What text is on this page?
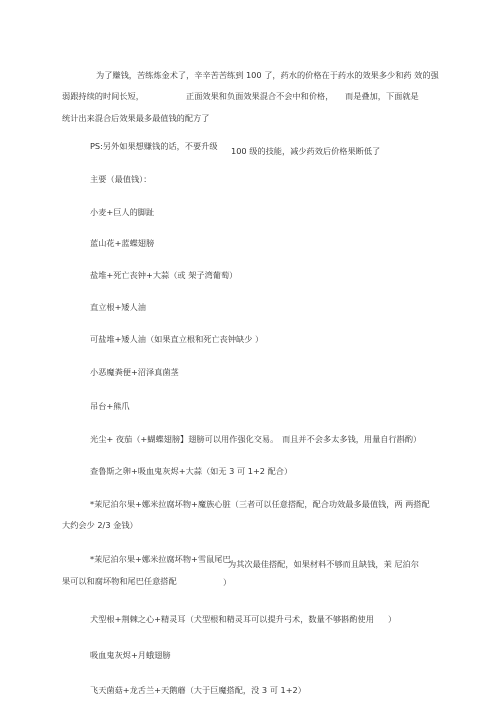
为了赚钱，苦练炼金术了，辛辛苦苦练到 100 了，药水的价格在于药水的效果多少和药 效的强
弱跟持续的时间长短，	正面效果和负面效果混合不会中和价格， 而是叠加，下面就是
统计出来混合后效果最多最值钱的配方了
PS:另外如果想赚钱的话，不要升级 100 级的技能，减少药效后价格果断低了
主要（最值钱）：
小麦+巨人的脚趾
蓝山花+蓝蝶翅膀
盐堆+死亡丧钟+大蒜（或 架子湾葡萄）
直立根+矮人油
可盐堆+矮人油（如果直立根和死亡丧钟缺少 ）
小恶魔粪便+沼泽真菌茎
吊台+熊爪
光尘+ 夜茄（+蝴蝶翅膀】翅膀可以用作强化交易。 而且并不会多太多钱，用量自行斟酌）
查鲁斯之卵+吸血鬼灰烬+大蒜（如无 3 可 1+2 配合）
*茉尼泊尔果+娜米拉腐坏物+魔族心脏（三者可以任意搭配，配合功效最多最值钱，两 两搭配
大约会少 2/3 金钱）
*茉尼泊尔果+娜米拉腐坏物+雪鼠尾巴
为其次最佳搭配，如果材料不够而且缺钱，茉 尼泊尔
果可以和腐坏物和尾巴任意搭配	）
犬型根+荆棘之心+精灵耳（犬型根和精灵耳可以提升弓术，数量不够斟酌使用 ）
吸血鬼灰烬+月蛾翅膀
飞天菌菇+龙舌兰+天鹅蘑（大于巨魔搭配，没 3 可 1+2）
